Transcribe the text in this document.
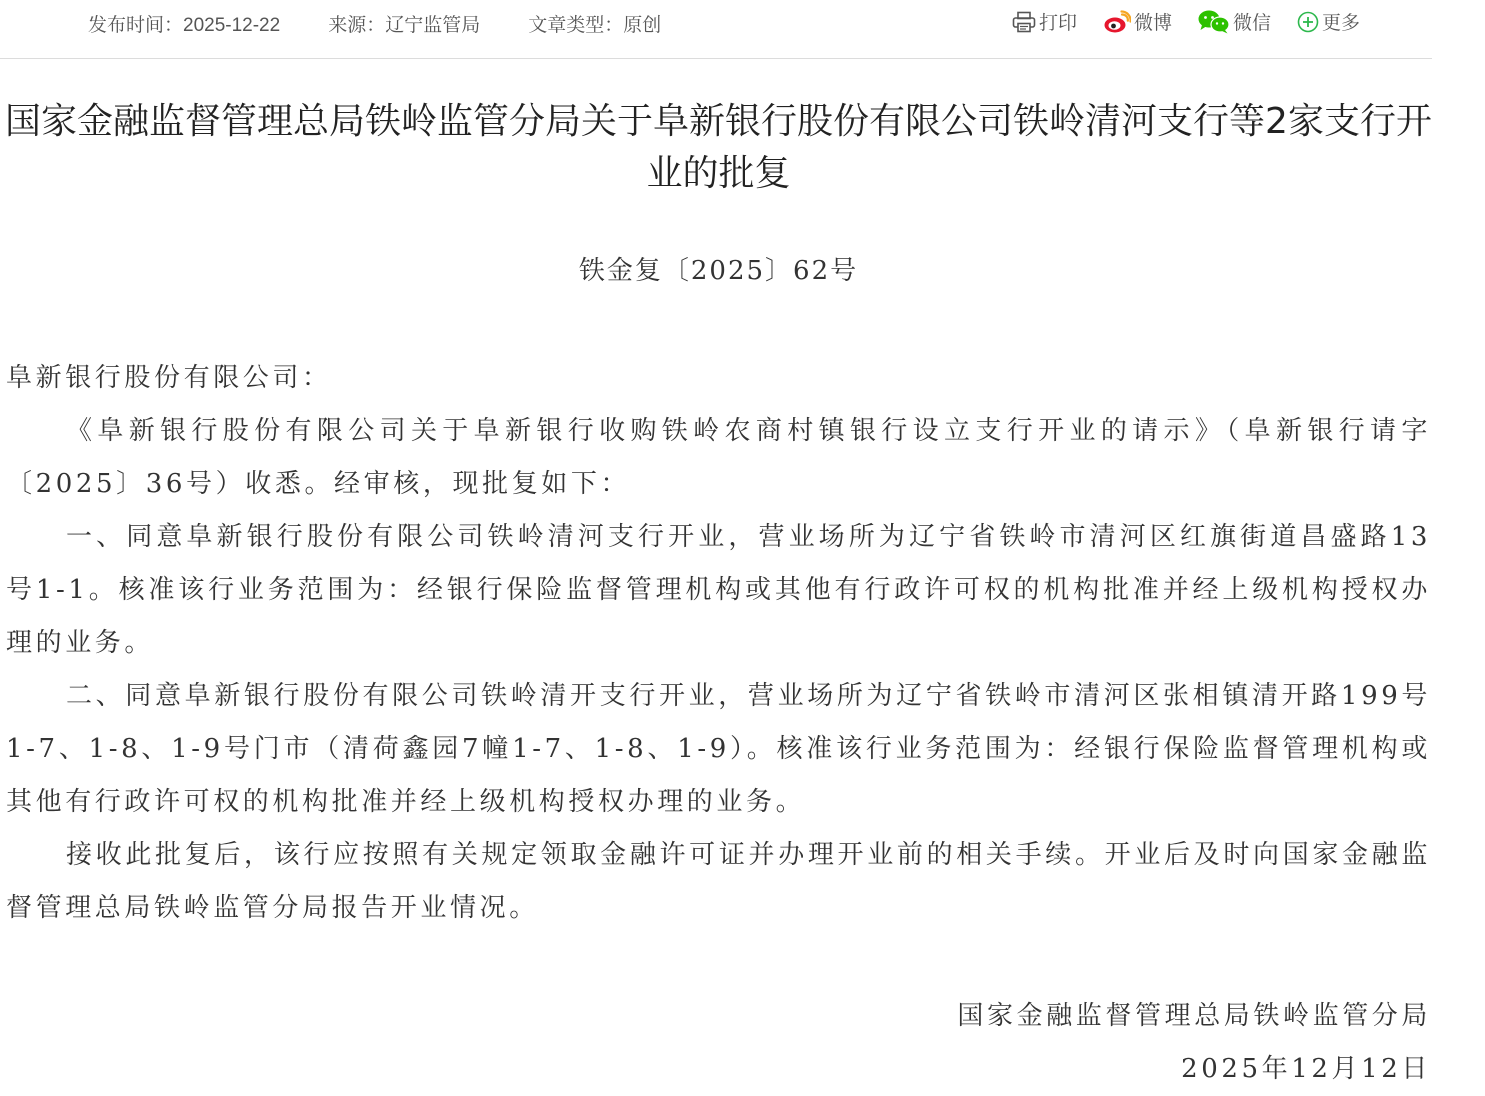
发布时间：2025-12-22	来源：辽宁监管局	文章类型：原创	打印	微博	微信	更多
国家金融监督管理总局铁岭监管分局关于阜新银行股份有限公司铁岭清河支行等2家支行开业的批复
铁金复〔2025〕62号

阜新银行股份有限公司：

《阜新银行股份有限公司关于阜新银行收购铁岭农商村镇银行设立支行开业的请示》（阜新银行请字〔2025〕36号）收悉。经审核，现批复如下：

一、同意阜新银行股份有限公司铁岭清河支行开业，营业场所为辽宁省铁岭市清河区红旗街道昌盛路13号1-1。核准该行业务范围为：经银行保险监督管理机构或其他有行政许可权的机构批准并经上级机构授权办理的业务。

二、同意阜新银行股份有限公司铁岭清开支行开业，营业场所为辽宁省铁岭市清河区张相镇清开路199号1-7、1-8、1-9号门市（清荷鑫园7幢1-7、1-8、1-9）。核准该行业务范围为：经银行保险监督管理机构或其他有行政许可权的机构批准并经上级机构授权办理的业务。

接收此批复后，该行应按照有关规定领取金融许可证并办理开业前的相关手续。开业后及时向国家金融监督管理总局铁岭监管分局报告开业情况。

国家金融监督管理总局铁岭监管分局
2025年12月12日
